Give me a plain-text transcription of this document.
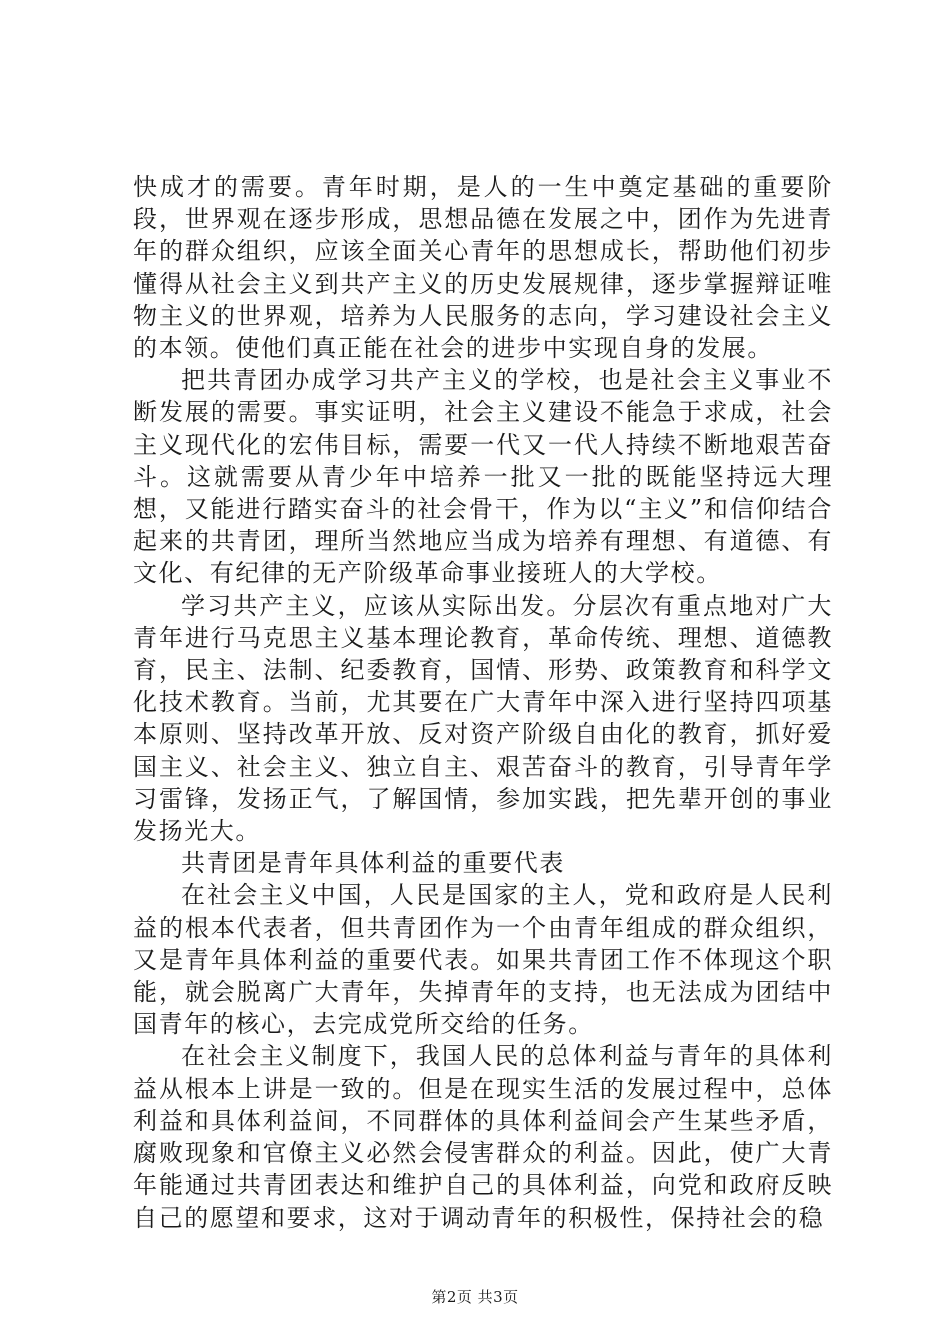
快成才的需要。青年时期，是人的一生中奠定基础的重要阶段，世界观在逐步形成，思想品德在发展之中，团作为先进青年的群众组织，应该全面关心青年的思想成长，帮助他们初步懂得从社会主义到共产主义的历史发展规律，逐步掌握辩证唯物主义的世界观，培养为人民服务的志向，学习建设社会主义的本领。使他们真正能在社会的进步中实现自身的发展。

把共青团办成学习共产主义的学校，也是社会主义事业不断发展的需要。事实证明，社会主义建设不能急于求成，社会主义现代化的宏伟目标，需要一代又一代人持续不断地艰苦奋斗。这就需要从青少年中培养一批又一批的既能坚持远大理想，又能进行踏实奋斗的社会骨干，作为以“主义”和信仰结合起来的共青团，理所当然地应当成为培养有理想、有道德、有文化、有纪律的无产阶级革命事业接班人的大学校。

学习共产主义，应该从实际出发。分层次有重点地对广大青年进行马克思主义基本理论教育，革命传统、理想、道德教育，民主、法制、纪委教育，国情、形势、政策教育和科学文化技术教育。当前，尤其要在广大青年中深入进行坚持四项基本原则、坚持改革开放、反对资产阶级自由化的教育，抓好爱国主义、社会主义、独立自主、艰苦奋斗的教育，引导青年学习雷锋，发扬正气，了解国情，参加实践，把先辈开创的事业发扬光大。

共青团是青年具体利益的重要代表

在社会主义中国，人民是国家的主人，党和政府是人民利益的根本代表者，但共青团作为一个由青年组成的群众组织，又是青年具体利益的重要代表。如果共青团工作不体现这个职能，就会脱离广大青年，失掉青年的支持，也无法成为团结中国青年的核心，去完成党所交给的任务。

在社会主义制度下，我国人民的总体利益与青年的具体利益从根本上讲是一致的。但是在现实生活的发展过程中，总体利益和具体利益间，不同群体的具体利益间会产生某些矛盾，腐败现象和官僚主义必然会侵害群众的利益。因此，使广大青年能通过共青团表达和维护自己的具体利益，向党和政府反映自己的愿望和要求，这对于调动青年的积极性，保持社会的稳

第2页 共3页
